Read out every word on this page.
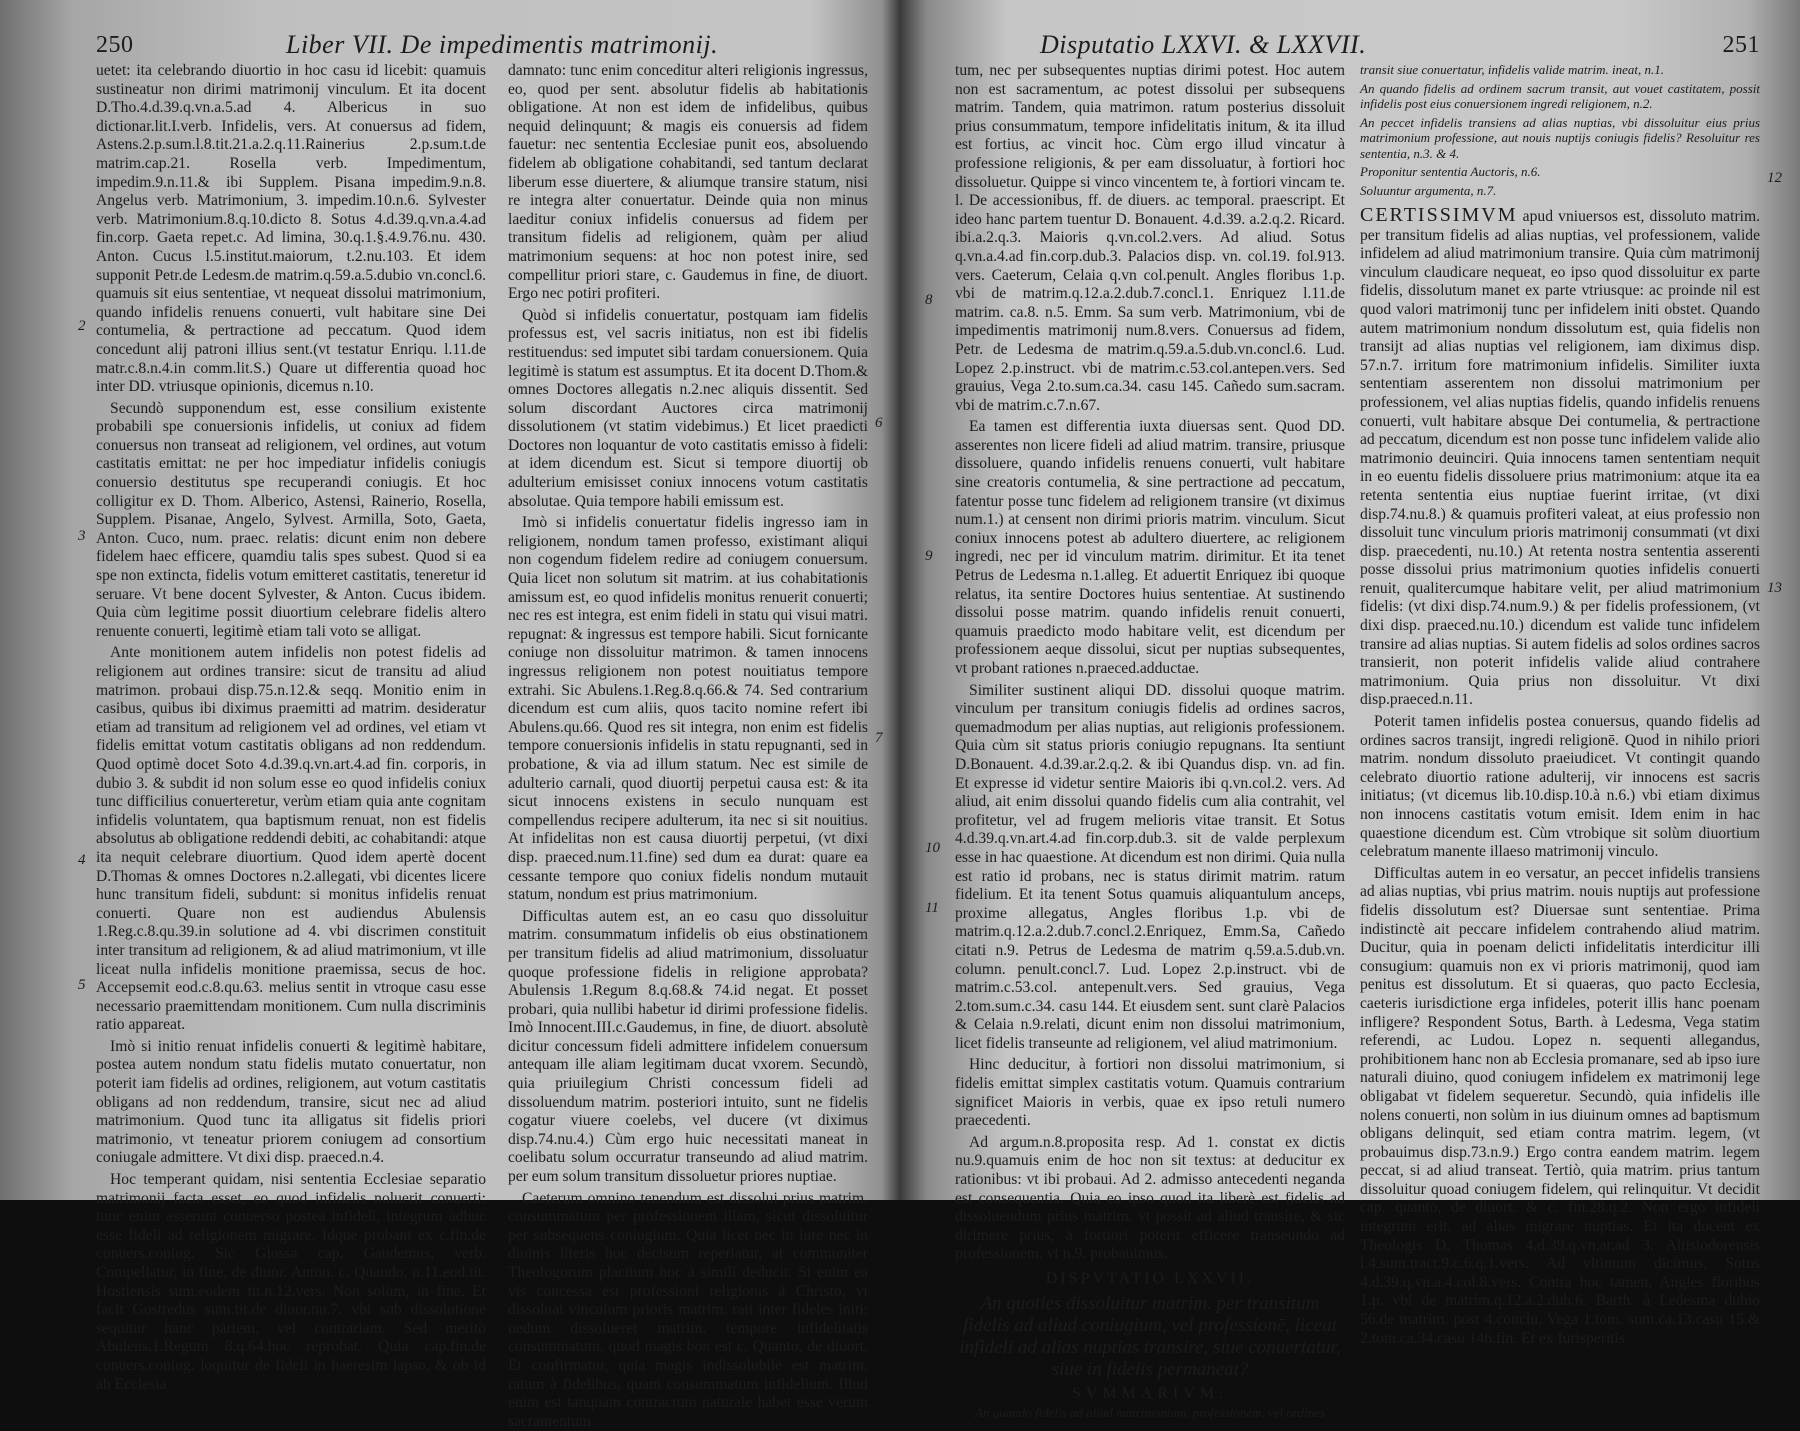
250	Liber VII. De impedimentis matrimonij.

uetet: ita celebrando diuortio in hoc casu id licebit: quamuis sustineatur non dirimi matrimonij vinculum. Et ita docent D.Tho.4.d.39.q.vn.a.5.ad 4. Albericus in suo dictionar.lit.I.verb. Infidelis, vers. At conuersus ad fidem, Astens.2.p.sum.l.8.tit.21.a.2.q.11.Rainerius 2.p.sum.t.de matrim.cap.21. Rosella verb. Impedimentum, impedim.9.n.11.& ibi Supplem. Pisana impedim.9.n.8. Angelus verb. Matrimonium, 3. impedim.10.n.6. Sylvester verb. Matrimonium.8.q.10.dicto 8. Sotus 4.d.39.q.vn.a.4.ad fin.corp. Gaeta repet.c. Ad limina, 30.q.1.§.4.9.76.nu. 430. Anton. Cucus l.5.institut.maiorum, t.2.nu.103. Et idem supponit Petr.de Ledesm.de matrim.q.59.a.5.dubio vn.concl.6. quamuis sit eius sententiae, vt nequeat dissolui matrimonium, quando infidelis renuens conuerti, vult habitare sine Dei contumelia, & pertractione ad peccatum. Quod idem concedunt alij patroni illius sent.(vt testatur Enriqu. l.11.de matr.c.8.n.4.in comm.lit.S.) Quare ut differentia quoad hoc inter DD. vtriusque opinionis, dicemus n.10.

Secundò supponendum est, esse consilium existente probabili spe conuersionis infidelis, ut coniux ad fidem conuersus non transeat ad religionem, vel ordines, aut votum castitatis emittat: ne per hoc impediatur infidelis coniugis conuersio destitutus spe recuperandi coniugis. Et hoc colligitur ex D. Thom. Alberico, Astensi, Rainerio, Rosella, Supplem. Pisanae, Angelo, Sylvest. Armilla, Soto, Gaeta, Anton. Cuco, num. praec. relatis: dicunt enim non debere fidelem haec efficere, quamdiu talis spes subest. Quod si ea spe non extincta, fidelis votum emitteret castitatis, teneretur id seruare. Vt bene docent Sylvester, & Anton. Cucus ibidem. Quia cùm legitime possit diuortium celebrare fidelis altero renuente conuerti, legitimè etiam tali voto se alligat.

Ante monitionem autem infidelis non potest fidelis ad religionem aut ordines transire: sicut de transitu ad aliud matrimon. probaui disp.75.n.12.& seqq. Monitio enim in casibus, quibus ibi diximus praemitti ad matrim. desideratur etiam ad transitum ad religionem vel ad ordines, vel etiam vt fidelis emittat votum castitatis obligans ad non reddendum. Quod optimè docet Soto 4.d.39.q.vn.art.4.ad fin. corporis, in dubio 3. & subdit id non solum esse eo quod infidelis coniux tunc difficilius conuerteretur, verùm etiam quia ante cognitam infidelis voluntatem, qua baptismum renuat, non est fidelis absolutus ab obligatione reddendi debiti, ac cohabitandi: atque ita nequit celebrare diuortium. Quod idem apertè docent D.Thomas & omnes Doctores n.2.allegati, vbi dicentes licere hunc transitum fideli, subdunt: si monitus infidelis renuat conuerti. Quare non est audiendus Abulensis 1.Reg.c.8.qu.39.in solutione ad 4. vbi discrimen constituit inter transitum ad religionem, & ad aliud matrimonium, vt ille liceat nulla infidelis monitione praemissa, secus de hoc. Accepsemit eod.c.8.qu.63. melius sentit in vtroque casu esse necessario praemittendam monitionem. Cum nulla discriminis ratio appareat.

Imò si initio renuat infidelis conuerti & legitimè habitare, postea autem nondum statu fidelis mutato conuertatur, non poterit iam fidelis ad ordines, religionem, aut votum castitatis obligans ad non reddendum, transire, sicut nec ad aliud matrimonium. Quod tunc ita alligatus sit fidelis priori matrimonio, vt teneatur priorem coniugem ad consortium coniugale admittere. Vt dixi disp. praeced.n.4.

Hoc temperant quidam, nisi sententia Ecclesiae separatio matrimonij facta esset, eo quod infidelis noluerit conuerti: tunc enim asserunt conuerso postea infideli, integrum adhuc esse fideli ad religionem migrare. Idque probant ex c.fin.de conuers.coniug. Sic Glossa cap. Gaudemus, verb. Compellatur, in fine, de diuor. Anton. c. Quando, n.11.eod.tit. Hostiensis sum.eodem tit.n.12.vers. Non solùm, in fine. Et facit Gostredus sum.tit.de diuor.nu.7. vbi sub dissolutione sequitur hanc partem, vel contrariam. Sed meritò Abulens.1.Regum 8.q.64.hoc reprobat. Quia cap.fin.de conuers.coniug. loquitur de fideli in haeresim lapso, & ob id ab Ecclesia

damnato: tunc enim conceditur alteri religionis ingressus, eo, quod per sent. absolutur fidelis ab habitationis obligatione. At non est idem de infidelibus, quibus nequid delinquunt; & magis eis conuersis ad fidem fauetur: nec sententia Ecclesiae punit eos, absoluendo fidelem ab obligatione cohabitandi, sed tantum declarat liberum esse diuertere, & aliumque transire statum, nisi re integra alter conuertatur. Deinde quia non minus laeditur coniux infidelis conuersus ad fidem per transitum fidelis ad religionem, quàm per aliud matrimonium sequens: at hoc non potest inire, sed compellitur priori stare, c. Gaudemus in fine, de diuort. Ergo nec potiri profiteri.

Quòd si infidelis conuertatur, postquam iam fidelis professus est, vel sacris initiatus, non est ibi fidelis restituendus: sed imputet sibi tardam conuersionem. Quia legitimè is statum est assumptus. Et ita docent D.Thom.& omnes Doctores allegatis n.2.nec aliquis dissentit. Sed solum discordant Auctores circa matrimonij dissolutionem (vt statim videbimus.) Et licet praedicti Doctores non loquantur de voto castitatis emisso à fideli: at idem dicendum est. Sicut si tempore diuortij ob adulterium emisisset coniux innocens votum castitatis absolutae. Quia tempore habili emissum est.

Imò si infidelis conuertatur fidelis ingresso iam in religionem, nondum tamen professo, existimant aliqui non cogendum fidelem redire ad coniugem conuersum. Quia licet non solutum sit matrim. at ius cohabitationis amissum est, eo quod infidelis monitus renuerit conuerti; nec res est integra, est enim fideli in statu qui visui matri. repugnat: & ingressus est tempore habili. Sicut fornicante coniuge non dissoluitur matrimon. & tamen innocens ingressus religionem non potest nouitiatus tempore extrahi. Sic Abulens.1.Reg.8.q.66.& 74. Sed contrarium dicendum est cum aliis, quos tacito nomine refert ibi Abulens.qu.66. Quod res sit integra, non enim est fidelis tempore conuersionis infidelis in statu repugnanti, sed in probatione, & via ad illum statum. Nec est simile de adulterio carnali, quod diuortij perpetui causa est: & ita sicut innocens existens in seculo nunquam est compellendus recipere adulterum, ita nec si sit nouitius. At infidelitas non est causa diuortij perpetui, (vt dixi disp. praeced.num.11.fine) sed dum ea durat: quare ea cessante tempore quo coniux fidelis nondum mutauit statum, nondum est prius matrimonium.

Difficultas autem est, an eo casu quo dissoluitur matrim. consummatum infidelis ob eius obstinationem per transitum fidelis ad aliud matrimonium, dissoluatur quoque professione fidelis in religione approbata? Abulensis 1.Regum 8.q.68.& 74.id negat. Et posset probari, quia nullibi habetur id dirimi professione fidelis. Imò Innocent.III.c.Gaudemus, in fine, de diuort. absolutè dicitur concessum fideli admittere infidelem conuersum antequam ille aliam legitimam ducat vxorem. Secundò, quia priuilegium Christi concessum fideli ad dissoluendum matrim. posteriori intuito, sunt ne fidelis cogatur viuere coelebs, vel ducere (vt diximus disp.74.nu.4.) Cùm ergo huic necessitati maneat in coelibatu solum occurratur transeundo ad aliud matrim. per eum solum transitum dissoluetur priores nuptiae.

Caeterum omnino tenendum est dissolui prius matrim. consummatum per professionem illam, sicut dissoluitur per subsequens coniugium. Quia licet nec in iure nec in diuinis literis hoc decisum reperiatur, at communiter Theologorum placitum hoc à simili deducit. Si enim ea vis concessa est professioni religionis à Christo, vt dissoluat vinculum prioris matrim. rati inter fideles initi: nedum dissolueret matrim. tempore infidelitatis consummatum, quod magis bon est c. Quanto, de diuort. Et confirmatur, quia magis indissolubile est matrim. ratum à fidelibus, quam consummatum infidelium. Illud enim est tanquam contractum naturale habet esse verum sacramentum

2
3
4
5
6
7
Disputatio LXXVI. & LXXVII.	251

tum, nec per subsequentes nuptias dirimi potest. Hoc autem non est sacramentum, ac potest dissolui per subsequens matrim. Tandem, quia matrimon. ratum posterius dissoluit prius consummatum, tempore infidelitatis initum, & ita illud est fortius, ac vincit hoc. Cùm ergo illud vincatur à professione religionis, & per eam dissoluatur, à fortiori hoc dissoluetur. Quippe si vinco vincentem te, à fortiori vincam te. l. De accessionibus, ff. de diuers. ac temporal. praescript. Et ideo hanc partem tuentur D. Bonauent. 4.d.39. a.2.q.2. Ricard. ibi.a.2.q.3. Maioris q.vn.col.2.vers. Ad aliud. Sotus q.vn.a.4.ad fin.corp.dub.3. Palacios disp. vn. col.19. fol.913. vers. Caeterum, Celaia q.vn col.penult. Angles floribus 1.p. vbi de matrim.q.12.a.2.dub.7.concl.1. Enriquez l.11.de matrim. ca.8. n.5. Emm. Sa sum verb. Matrimonium, vbi de impedimentis matrimonij num.8.vers. Conuersus ad fidem, Petr. de Ledesma de matrim.q.59.a.5.dub.vn.concl.6. Lud. Lopez 2.p.instruct. vbi de matrim.c.53.col.antepen.vers. Sed grauius, Vega 2.to.sum.ca.34. casu 145. Cañedo sum.sacram. vbi de matrim.c.7.n.67.

Ea tamen est differentia iuxta diuersas sent. Quod DD. asserentes non licere fideli ad aliud matrim. transire, priusque dissoluere, quando infidelis renuens conuerti, vult habitare sine creatoris contumelia, & sine pertractione ad peccatum, fatentur posse tunc fidelem ad religionem transire (vt diximus num.1.) at censent non dirimi prioris matrim. vinculum. Sicut coniux innocens potest ab adultero diuertere, ac religionem ingredi, nec per id vinculum matrim. dirimitur. Et ita tenet Petrus de Ledesma n.1.alleg. Et aduertit Enriquez ibi quoque relatus, ita sentire Doctores huius sententiae. At sustinendo dissolui posse matrim. quando infidelis renuit conuerti, quamuis praedicto modo habitare velit, est dicendum per professionem aeque dissolui, sicut per nuptias subsequentes, vt probant rationes n.praeced.adductae.

Similiter sustinent aliqui DD. dissolui quoque matrim. vinculum per transitum coniugis fidelis ad ordines sacros, quemadmodum per alias nuptias, aut religionis professionem. Quia cùm sit status prioris coniugio repugnans. Ita sentiunt D.Bonauent. 4.d.39.ar.2.q.2. & ibi Quandus disp. vn. ad fin. Et expresse id videtur sentire Maioris ibi q.vn.col.2. vers. Ad aliud, ait enim dissolui quando fidelis cum alia contrahit, vel profitetur, vel ad frugem melioris vitae transit. Et Sotus 4.d.39.q.vn.art.4.ad fin.corp.dub.3. sit de valde perplexum esse in hac quaestione. At dicendum est non dirimi. Quia nulla est ratio id probans, nec is status dirimit matrim. ratum fidelium. Et ita tenent Sotus quamuis aliquantulum anceps, proxime allegatus, Angles floribus 1.p. vbi de matrim.q.12.a.2.dub.7.concl.2.Enriquez, Emm.Sa, Cañedo citati n.9. Petrus de Ledesma de matrim q.59.a.5.dub.vn. column. penult.concl.7. Lud. Lopez 2.p.instruct. vbi de matrim.c.53.col. antepenult.vers. Sed grauius, Vega 2.tom.sum.c.34. casu 144. Et eiusdem sent. sunt clarè Palacios & Celaia n.9.relati, dicunt enim non dissolui matrimonium, licet fidelis transeunte ad religionem, vel aliud matrimonium.

Hinc deducitur, à fortiori non dissolui matrimonium, si fidelis emittat simplex castitatis votum. Quamuis contrarium significet Maioris in verbis, quae ex ipso retuli numero praecedenti.

Ad argum.n.8.proposita resp. Ad 1. constat ex dictis nu.9.quamuis enim de hoc non sit textus: at deducitur ex rationibus: vt ibi probaui. Ad 2. admisso antecedenti neganda est consequentia. Quia eo ipso quod ita liberè est fidelis ad dissoluendum prius matrim. vt possit ad aliud transire, & sic dirimere prius, à fortiori poterit efficere transeundo ad professionem, vt n.9. probauimus.

DISPVTATIO LXXVII.
An quoties dissoluitur matrim. per transitum fidelis ad aliud coniugium, vel professionē, liceat infideli ad alias nuptias transire, siue conuertatur, siue in fidelis permaneat?
SVMMARIVM.
An quando fidelis ad aliud matrimonium, professionem, vel ordines

transit siue conuertatur, infidelis valide matrim. ineat, n.1.

An quando fidelis ad ordinem sacrum transit, aut vouet castitatem, possit infidelis post eius conuersionem ingredi religionem, n.2.

An peccet infidelis transiens ad alias nuptias, vbi dissoluitur eius prius matrimonium professione, aut nouis nuptijs coniugis fidelis? Resoluitur res sententia, n.3. & 4.

Proponitur sententia Auctoris, n.6.

Soluuntur argumenta, n.7.

CERTISSIMVM apud vniuersos est, dissoluto matrim. per transitum fidelis ad alias nuptias, vel professionem, valide infidelem ad aliud matrimonium transire. Quia cùm matrimonij vinculum claudicare nequeat, eo ipso quod dissoluitur ex parte fidelis, dissolutum manet ex parte vtriusque: ac proinde nil est quod valori matrimonij tunc per infidelem initi obstet. Quando autem matrimonium nondum dissolutum est, quia fidelis non transijt ad alias nuptias vel religionem, iam diximus disp. 57.n.7. irritum fore matrimonium infidelis. Similiter iuxta sententiam asserentem non dissolui matrimonium per professionem, vel alias nuptias fidelis, quando infidelis renuens conuerti, vult habitare absque Dei contumelia, & pertractione ad peccatum, dicendum est non posse tunc infidelem valide alio matrimonio deuinciri. Quia innocens tamen sententiam nequit in eo euentu fidelis dissoluere prius matrimonium: atque ita ea retenta sententia eius nuptiae fuerint irritae, (vt dixi disp.74.nu.8.) & quamuis profiteri valeat, at eius professio non dissoluit tunc vinculum prioris matrimonij consummati (vt dixi disp. praecedenti, nu.10.) At retenta nostra sententia asserenti posse dissolui prius matrimonium quoties infidelis conuerti renuit, qualitercumque habitare velit, per aliud matrimonium fidelis: (vt dixi disp.74.num.9.) & per fidelis professionem, (vt dixi disp. praeced.nu.10.) dicendum est valide tunc infidelem transire ad alias nuptias. Si autem fidelis ad solos ordines sacros transierit, non poterit infidelis valide aliud contrahere matrimonium. Quia prius non dissoluitur. Vt dixi disp.praeced.n.11.

Poterit tamen infidelis postea conuersus, quando fidelis ad ordines sacros transijt, ingredi religionē. Quod in nihilo priori matrim. nondum dissoluto praeiudicet. Vt contingit quando celebrato diuortio ratione adulterij, vir innocens est sacris initiatus; (vt dicemus lib.10.disp.10.à n.6.) vbi etiam diximus non innocens castitatis votum emisit. Idem enim in hac quaestione dicendum est. Cùm vtrobique sit solùm diuortium celebratum manente illaeso matrimonij vinculo.

Difficultas autem in eo versatur, an peccet infidelis transiens ad alias nuptias, vbi prius matrim. nouis nuptijs aut professione fidelis dissolutum est? Diuersae sunt sententiae. Prima indistinctè ait peccare infidelem contrahendo aliud matrim. Ducitur, quia in poenam delicti infidelitatis interdicitur illi consugium: quamuis non ex vi prioris matrimonij, quod iam penitus est dissolutum. Et si quaeras, quo pacto Ecclesia, caeteris iurisdictione erga infideles, poterit illis hanc poenam infligere? Respondent Sotus, Barth. à Ledesma, Vega statim referendi, ac Ludou. Lopez n. sequenti allegandus, prohibitionem hanc non ab Ecclesia promanare, sed ab ipso iure naturali diuino, quod coniugem infidelem ex matrimonij lege obligabat vt fidelem sequeretur. Secundò, quia infidelis ille nolens conuerti, non solùm in ius diuinum omnes ad baptismum obligans delinquit, sed etiam contra matrim. legem, (vt probauimus disp.73.n.9.) Ergo contra eandem matrim. legem peccat, si ad aliud transeat. Tertiò, quia matrim. prius tantum dissoluitur quoad coniugem fidelem, qui relinquitur. Vt decidit cap. quanto, de diuort. & c. fin.28.q.2. Non ergo infideli integrum erit, ad alias migrare nuptias. Et ita docent ex Theologis D. Thomas 4.d.39.q.vn.ar.ad 3. Altisiodorensis l.4.sum.tract.9.c.6.q.1.vers. Ad vltimum dicimus, Sotus 4.d.39.q.vn.a.4.col.8.vers. Contra hoc tamen, Angles floribus 1.p. vbi de matrim.q.12.a.2.dub.6. Barth. à Ledesma dubio 56.de matrim. post 4.conclu. Vega 1.tom. sum.ca.13.casu 15.& 2.tom.ca.34.casu 146.fin. Et ex Iurisperitis

8
9
10
11
12
13
